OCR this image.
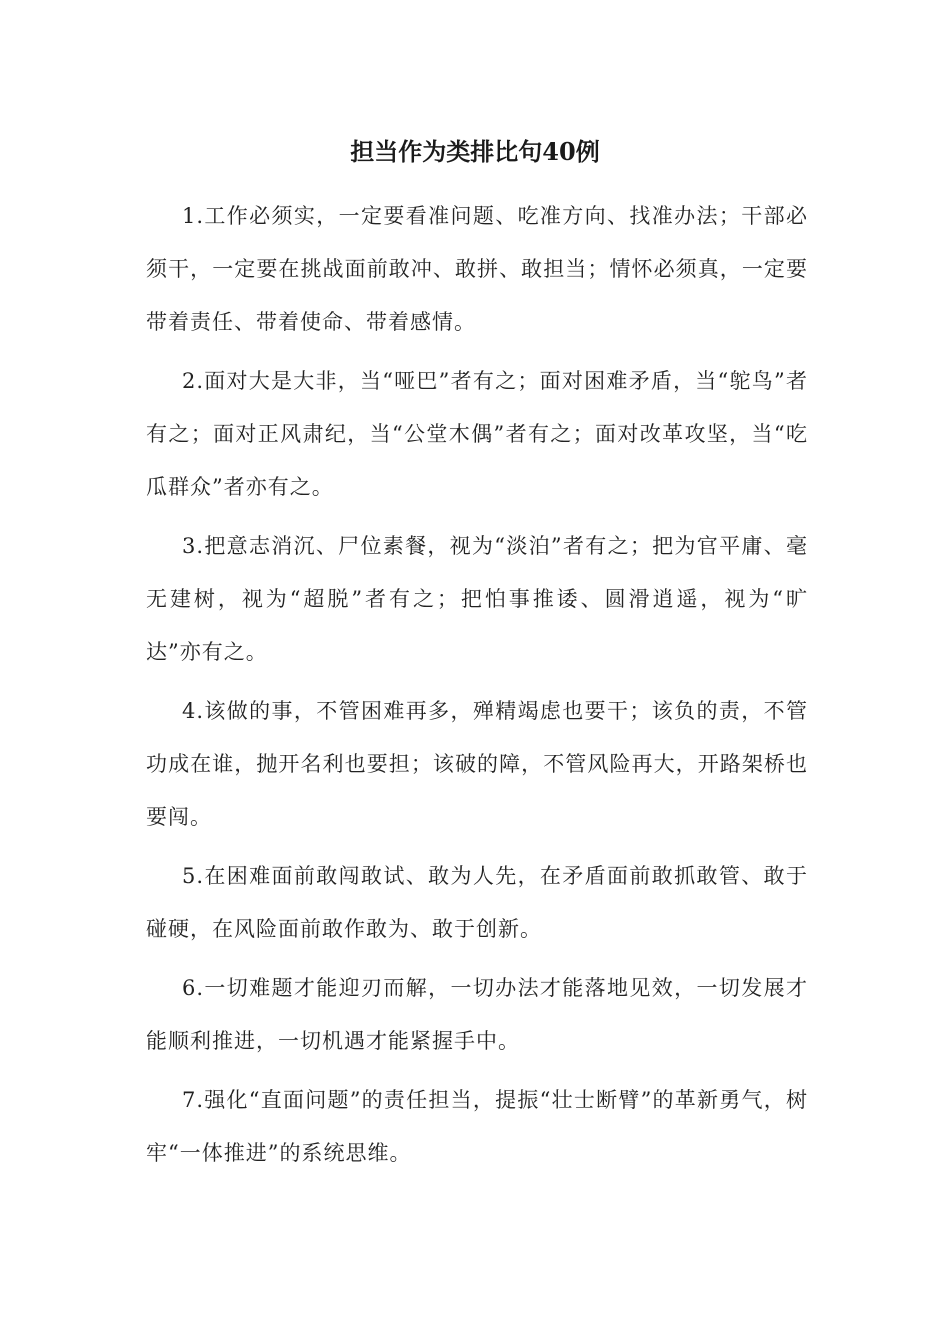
担当作为类排比句40例

1.工作必须实，一定要看准问题、吃准方向、找准办法；干部必须干，一定要在挑战面前敢冲、敢拼、敢担当；情怀必须真，一定要带着责任、带着使命、带着感情。

2.面对大是大非，当“哑巴”者有之；面对困难矛盾，当“鸵鸟”者有之；面对正风肃纪，当“公堂木偶”者有之；面对改革攻坚，当“吃瓜群众”者亦有之。

3.把意志消沉、尸位素餐，视为“淡泊”者有之；把为官平庸、毫无建树，视为“超脱”者有之；把怕事推诿、圆滑逍遥，视为“旷达”亦有之。

4.该做的事，不管困难再多，殚精竭虑也要干；该负的责，不管功成在谁，抛开名利也要担；该破的障，不管风险再大，开路架桥也要闯。

5.在困难面前敢闯敢试、敢为人先，在矛盾面前敢抓敢管、敢于碰硬，在风险面前敢作敢为、敢于创新。

6.一切难题才能迎刃而解，一切办法才能落地见效，一切发展才能顺利推进，一切机遇才能紧握手中。

7.强化“直面问题”的责任担当，提振“壮士断臂”的革新勇气，树牢“一体推进”的系统思维。
